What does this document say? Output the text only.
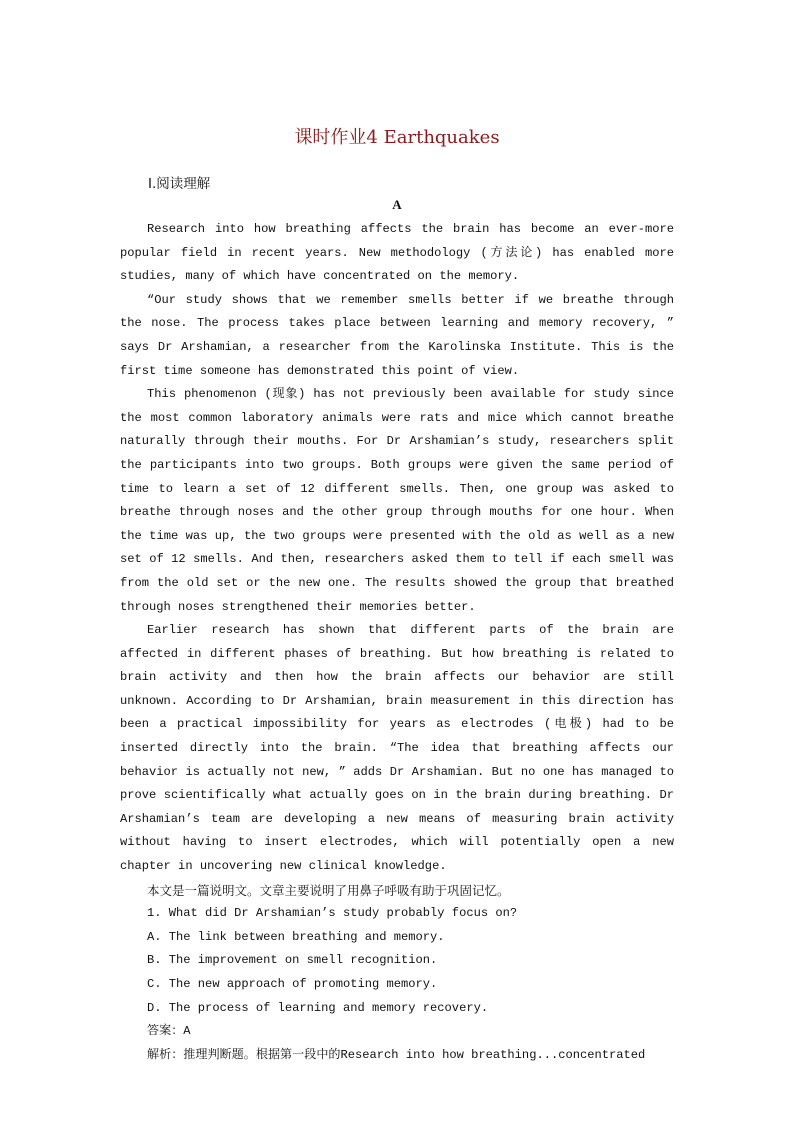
课时作业4 Earthquakes
Ⅰ.阅读理解
A

Research into how breathing affects the brain has become an ever-more popular field in recent years. New methodology (方法论) has enabled more studies, many of which have concentrated on the memory.

“Our study shows that we remember smells better if we breathe through the nose. The process takes place between learning and memory recovery, ” says Dr Arshamian, a researcher from the Karolinska Institute. This is the first time someone has demonstrated this point of view.

This phenomenon (现象) has not previously been available for study since the most common laboratory animals were rats and mice which cannot breathe naturally through their mouths. For Dr Arshamian’s study, researchers split the participants into two groups. Both groups were given the same period of time to learn a set of 12 different smells. Then, one group was asked to breathe through noses and the other group through mouths for one hour. When the time was up, the two groups were presented with the old as well as a new set of 12 smells. And then, researchers asked them to tell if each smell was from the old set or the new one. The results showed the group that breathed through noses strengthened their memories better.

Earlier research has shown that different parts of the brain are affected in different phases of breathing. But how breathing is related to brain activity and then how the brain affects our behavior are still unknown. According to Dr Arshamian, brain measurement in this direction has been a practical impossibility for years as electrodes (电极) had to be inserted directly into the brain. “The idea that breathing affects our behavior is actually not new, ” adds Dr Arshamian. But no one has managed to prove scientifically what actually goes on in the brain during breathing. Dr Arshamian’s team are developing a new means of measuring brain activity without having to insert electrodes, which will potentially open a new chapter in uncovering new clinical knowledge.

本文是一篇说明文。文章主要说明了用鼻子呼吸有助于巩固记忆。

1. What did Dr Arshamian’s study probably focus on?

A. The link between breathing and memory.

B. The improvement on smell recognition.

C. The new approach of promoting memory.

D. The process of learning and memory recovery.

答案：A

解析：推理判断题。根据第一段中的Research into how breathing...concentrated
